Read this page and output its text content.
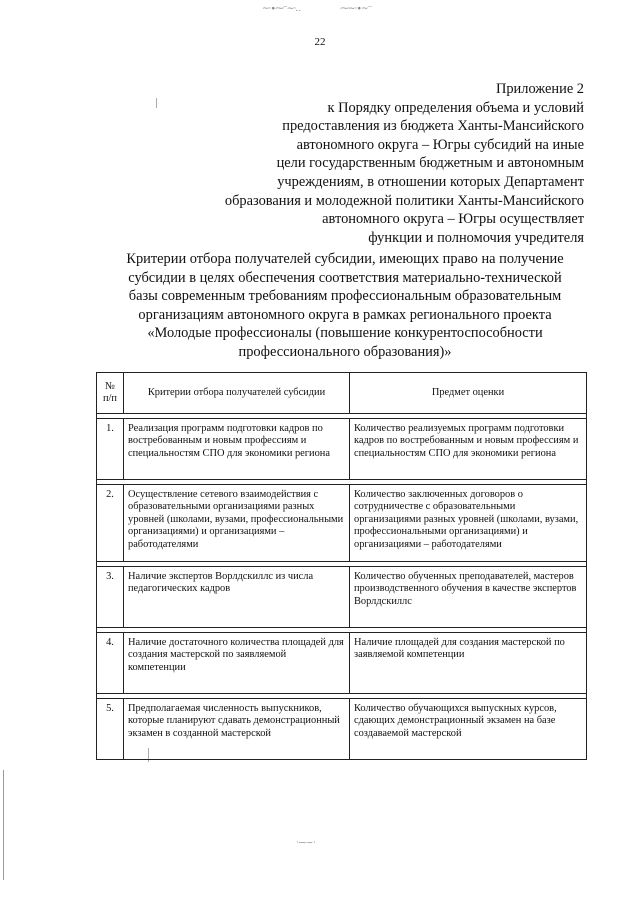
~·∙⁓⁻∼·‥	⁓∼·∙~⁻
·⁓∼·
22
Приложение 2
к Порядку определения объема и условий
предоставления из бюджета Ханты-Мансийского
автономного округа – Югры субсидий на иные
цели государственным бюджетным и автономным
учреждениям, в отношении которых Департамент
образования и молодежной политики Ханты-Мансийского
автономного округа – Югры осуществляет
функции и полномочия учредителя
Критерии отбора получателей субсидии, имеющих право на получение
субсидии в целях обеспечения соответствия материально-технической
базы современным требованиям профессиональным образовательным
организациям автономного округа в рамках регионального проекта
«Молодые профессионалы (повышение конкурентоспособности
профессионального образования)»
№ п/п	Критерии отбора получателей субсидии	Предмет оценки

1.	Реализация программ подготовки кадров по востребованным и новым профессиям и специальностям СПО для экономики региона	Количество реализуемых программ подготовки кадров по востребованным и новым профессиям и специальностям СПО для экономики региона

2.	Осуществление сетевого взаимодействия с образовательными организациями разных уровней (школами, вузами, профессиональными организациями) и организациями – работодателями	Количество заключенных договоров о сотрудничестве с образовательными организациями разных уровней (школами, вузами, профессиональными организациями) и организациями – работодателями

3.	Наличие экспертов Ворлдскиллс из числа педагогических кадров	Количество обученных преподавателей, мастеров производственного обучения в качестве экспертов Ворлдскиллс

4.	Наличие достаточного количества площадей для создания мастерской по заявляемой компетенции	Наличие площадей для создания мастерской по заявляемой компетенции

5.	Предполагаемая численность выпускников, которые планируют сдавать демонстрационный экзамен в созданной мастерской	Количество обучающихся выпускных курсов, сдающих демонстрационный экзамен на базе создаваемой мастерской
